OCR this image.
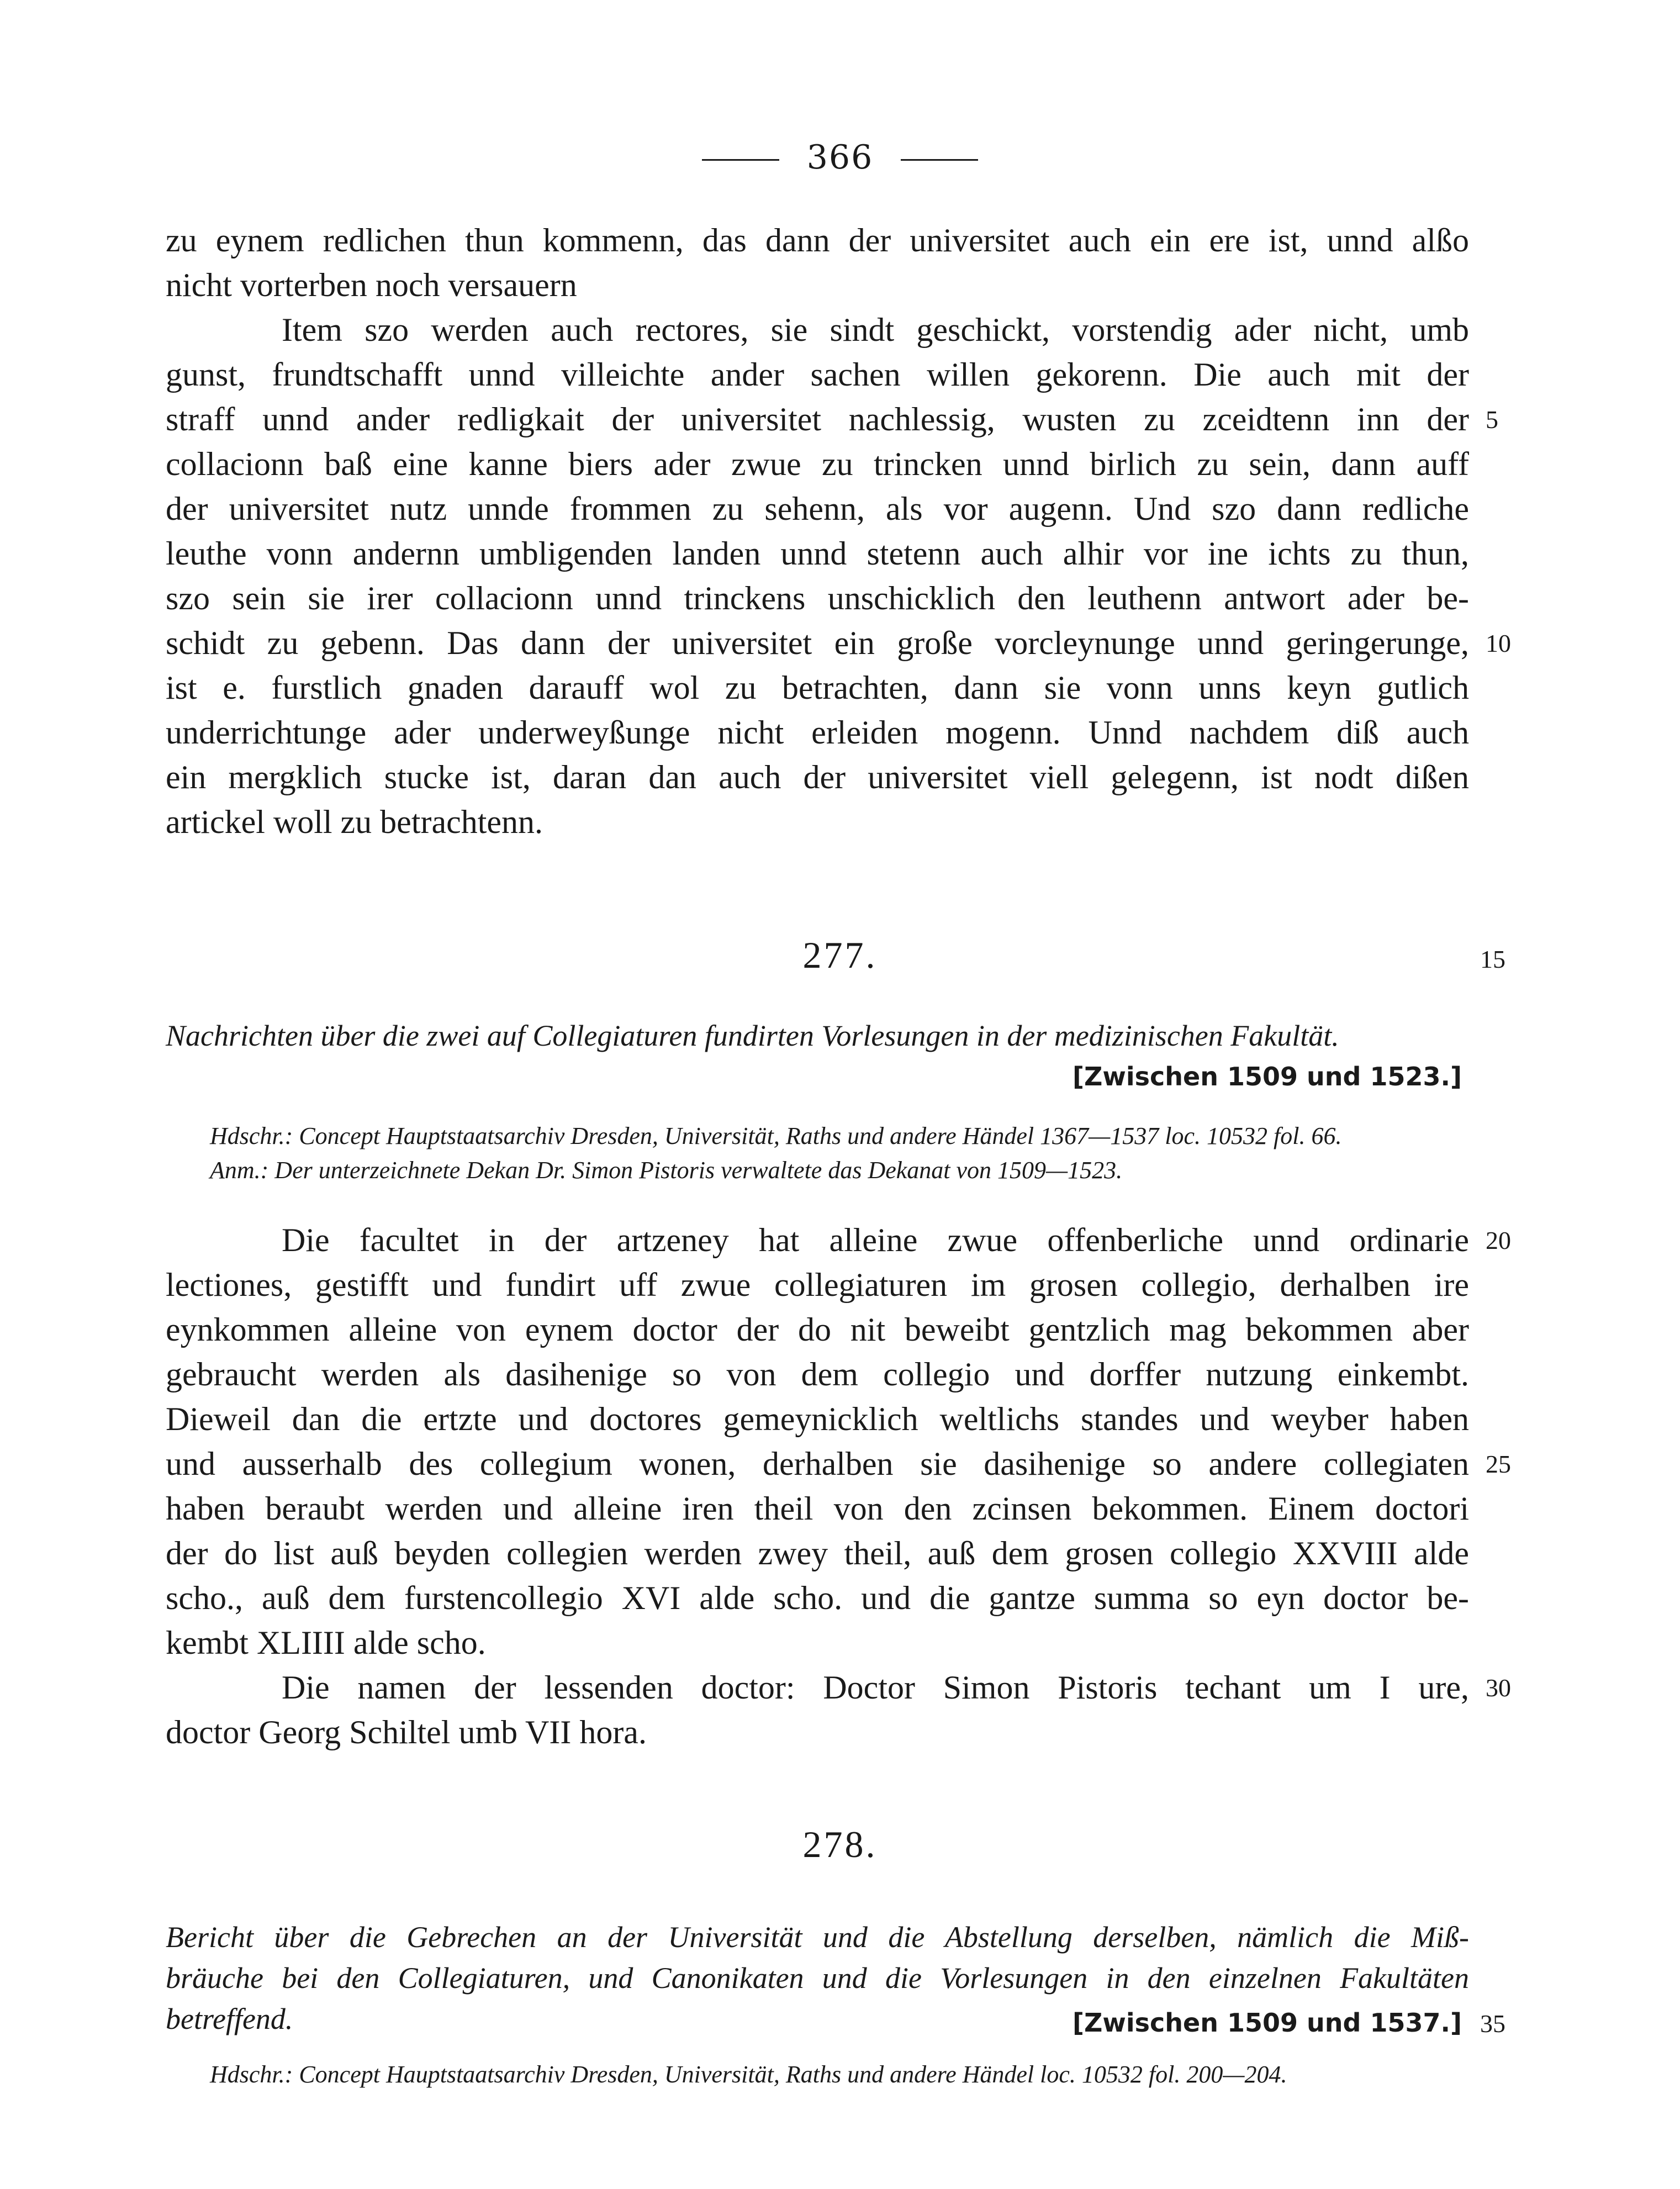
366
zu eynem redlichen thun kommenn, das dann der universitet auch ein ere ist, unnd alßo
nicht vorterben noch versauern
Item szo werden auch rectores, sie sindt geschickt, vorstendig ader nicht, umb
gunst, frundtschafft unnd villeichte ander sachen willen gekorenn. Die auch mit der
straff unnd ander redligkait der universitet nachlessig, wusten zu zceidtenn inn der 5
collacionn baß eine kanne biers ader zwue zu trincken unnd birlich zu sein, dann auff
der universitet nutz unnde frommen zu sehenn, als vor augenn. Und szo dann redliche
leuthe vonn andernn umbligenden landen unnd stetenn auch alhir vor ine ichts zu thun,
szo sein sie irer collacionn unnd trinckens unschicklich den leuthenn antwort ader be-
schidt zu gebenn. Das dann der universitet ein große vorcleynunge unnd geringerunge, 10
ist e. furstlich gnaden darauff wol zu betrachten, dann sie vonn unns keyn gutlich
underrichtunge ader underweyßunge nicht erleiden mogenn. Unnd nachdem diß auch
ein mergklich stucke ist, daran dan auch der universitet viell gelegenn, ist nodt dißen
artickel woll zu betrachtenn.
277.	15
Nachrichten über die zwei auf Collegiaturen fundirten Vorlesungen in der medizinischen Fakultät.
[Zwischen 1509 und 1523.]
Hdschr.: Concept Hauptstaatsarchiv Dresden, Universität, Raths und andere Händel 1367—1537 loc. 10532 fol. 66.
Anm.: Der unterzeichnete Dekan Dr. Simon Pistoris verwaltete das Dekanat von 1509—1523.
Die facultet in der artzeney hat alleine zwue offenberliche unnd ordinarie 20
lectiones, gestifft und fundirt uff zwue collegiaturen im grosen collegio, derhalben ire
eynkommen alleine von eynem doctor der do nit beweibt gentzlich mag bekommen aber
gebraucht werden als dasihenige so von dem collegio und dorffer nutzung einkembt.
Dieweil dan die ertzte und doctores gemeynicklich weltlichs standes und weyber haben
und ausserhalb des collegium wonen, derhalben sie dasihenige so andere collegiaten 25
haben beraubt werden und alleine iren theil von den zcinsen bekommen. Einem doctori
der do list auß beyden collegien werden zwey theil, auß dem grosen collegio XXVIII alde
scho., auß dem furstencollegio XVI alde scho. und die gantze summa so eyn doctor be-
kembt XLIIII alde scho.
Die namen der lessenden doctor: Doctor Simon Pistoris techant um I ure, 30
doctor Georg Schiltel umb VII hora.
278.
Bericht über die Gebrechen an der Universität und die Abstellung derselben, nämlich die Miß-
bräuche bei den Collegiaturen, und Canonikaten und die Vorlesungen in den einzelnen Fakultäten
betreffend.	[Zwischen 1509 und 1537.] 35
Hdschr.: Concept Hauptstaatsarchiv Dresden, Universität, Raths und andere Händel loc. 10532 fol. 200—204.
